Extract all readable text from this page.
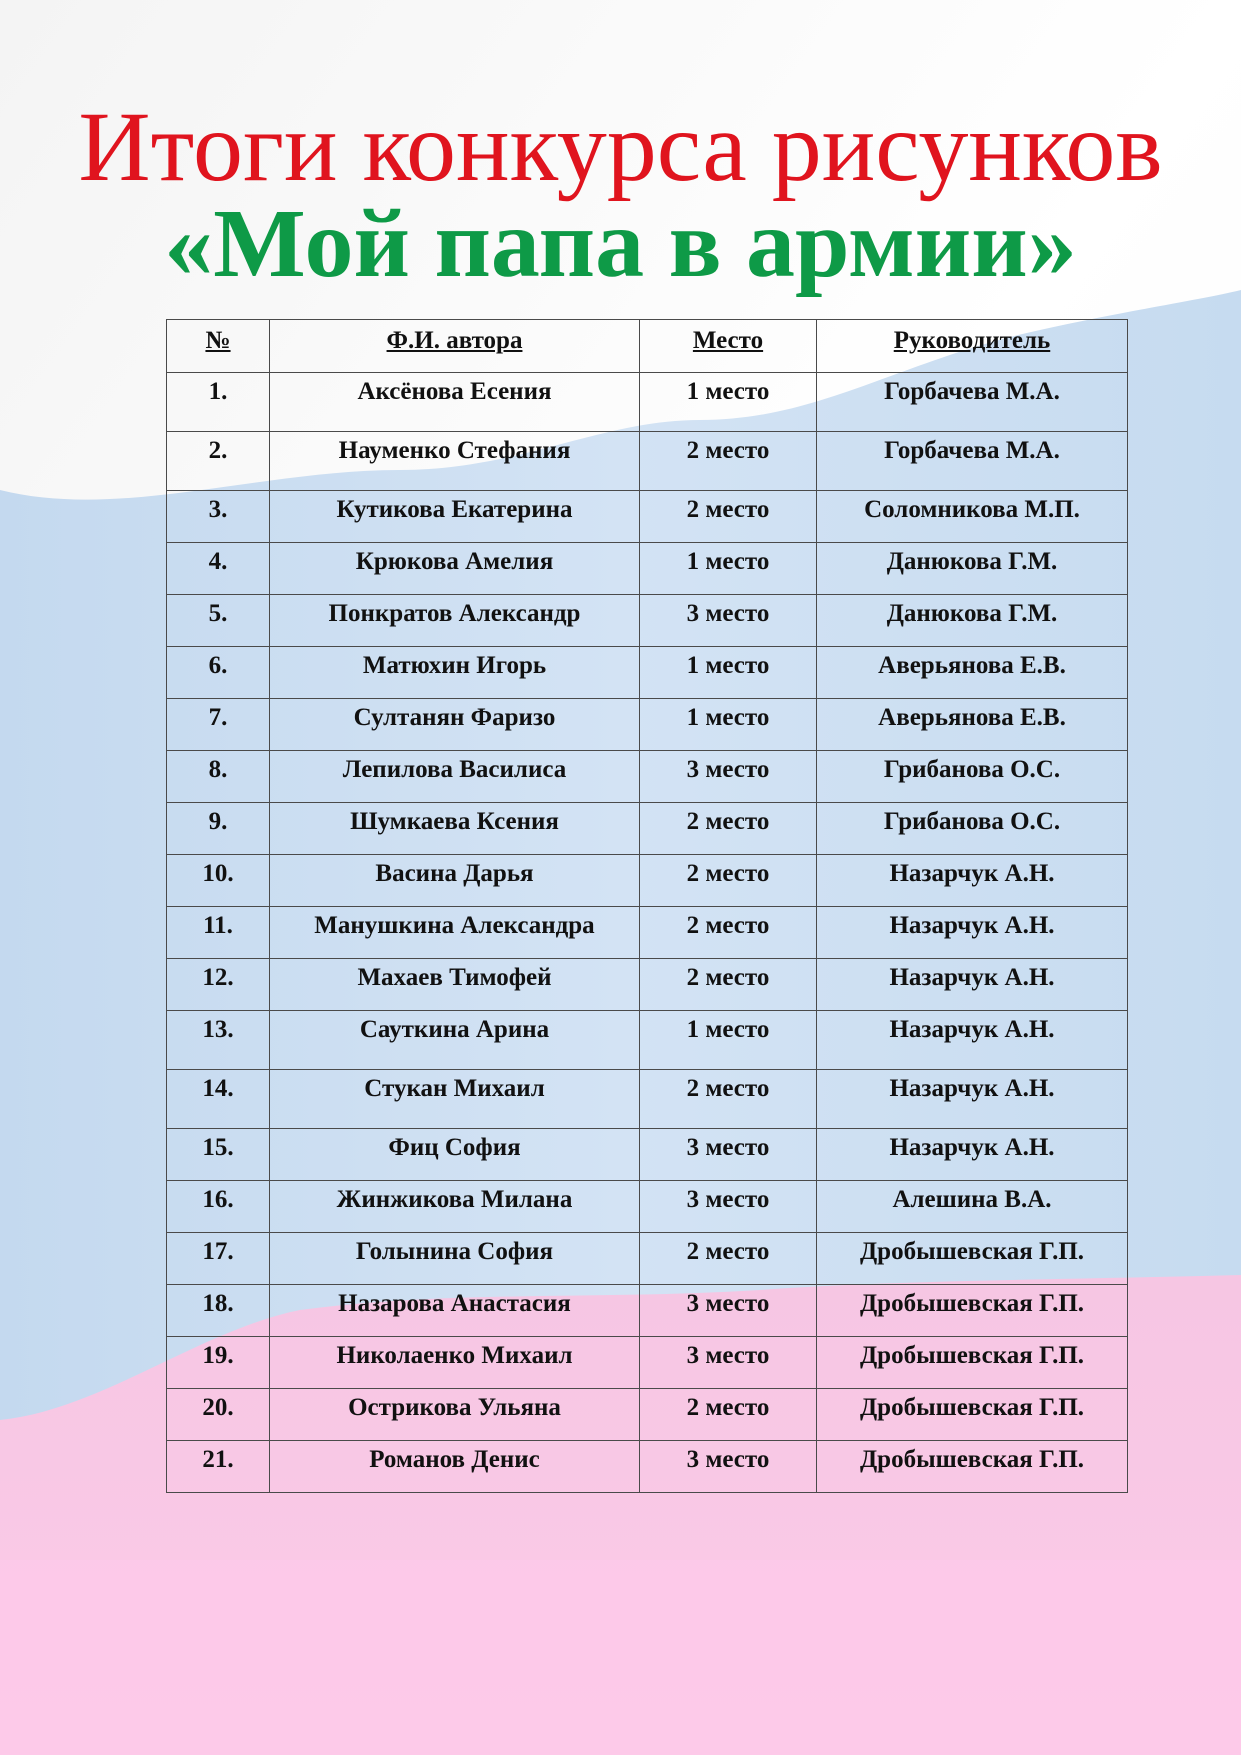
Итоги конкурса рисунков
«Мой папа в армии»
№	Ф.И. автора	Место	Руководитель
1.	Аксёнова Есения	1 место	Горбачева М.А.
2.	Науменко Стефания	2 место	Горбачева М.А.
3.	Кутикова Екатерина	2 место	Соломникова М.П.
4.	Крюкова Амелия	1 место	Данюкова Г.М.
5.	Понкратов Александр	3 место	Данюкова Г.М.
6.	Матюхин Игорь	1 место	Аверьянова Е.В.
7.	Султанян Фаризо	1 место	Аверьянова Е.В.
8.	Лепилова Василиса	3 место	Грибанова О.С.
9.	Шумкаева Ксения	2 место	Грибанова О.С.
10.	Васина Дарья	2 место	Назарчук А.Н.
11.	Манушкина Александра	2 место	Назарчук А.Н.
12.	Махаев Тимофей	2 место	Назарчук А.Н.
13.	Сауткина Арина	1 место	Назарчук А.Н.
14.	Стукан Михаил	2 место	Назарчук А.Н.
15.	Фиц София	3 место	Назарчук А.Н.
16.	Жинжикова Милана	3 место	Алешина В.А.
17.	Голынина София	2 место	Дробышевская Г.П.
18.	Назарова Анастасия	3 место	Дробышевская Г.П.
19.	Николаенко Михаил	3 место	Дробышевская Г.П.
20.	Острикова Ульяна	2 место	Дробышевская Г.П.
21.	Романов Денис	3 место	Дробышевская Г.П.
